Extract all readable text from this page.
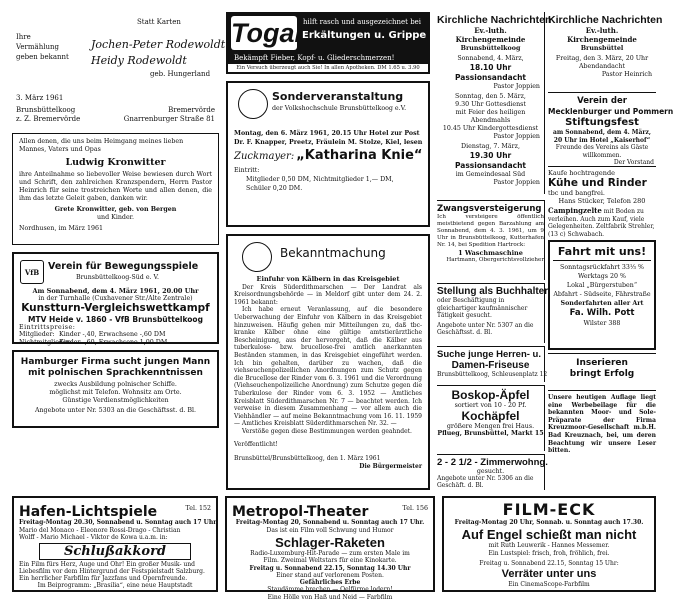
Ihre
Vermählung
geben bekannt
Statt Karten
Jochen-Peter Rodewoldt
Heidy Rodewoldt
geb. Hungerland
3. März 1961
Brunsbüttelkoog
z. Z. Bremervörde
Bremervörde
Gnarrenburger Straße 81

Allen denen, die uns beim Heimgang meines lieben Mannes, Vaters und Opas

Ludwig Kronwitter

ihre Anteilnahme so liebevoller Weise bewiesen durch Wort und Schrift, den zahlreichen Kranzspendern, Herrn Pastor Heinrich für seine trostreichen Worte und allen denen, die ihm das letzte Geleit gaben, danken wir.

Grete Kronwitter, geb. von Bergen
und Kinder.
Nordhusen, im März 1961
VfB Verein für Bewegungsspiele
Brunsbüttelkoog-Süd e. V.
Am Sonnabend, dem 4. März 1961, 20.00 Uhr
in der Turnhalle (Cuxhavener Str./Alte Zentrale)
Kunstturn-Vergleichswettkampf
MTV Heide v. 1860 - VfB Brunsbüttelkoog
Eintrittspreise:
Mitglieder: Kinder -,40, Erwachsene -,60 DM
Nichtmitglieder:Kinder -,60, Erwachsene 1,00 DM
Hamburger Firma sucht jungen Mann mit polnischen Sprachkenntnissen
zwecks Ausbildung polnischer Schiffe.
möglichst mit Telefon. Wohnsitz am Orte.
Günstige Verdienstmöglichkeiten
Angebote unter Nr. 5303 an die Geschäftsst. d. Bl.
Togal hilft rasch und ausgezeichnet bei
Erkältungen u. Grippe
Bekämpft Fieber, Kopf- u. Gliederschmerzen!
Ein Versuch überzeugt auch Sie! In allen Apotheken. DM 1.65 u. 3.90
Sonderveranstaltung
der Volkshochschule Brunsbüttelkoog e.V.
Montag, den 6. März 1961, 20.15 Uhr Hotel zur Post
Dr. F. Knapper, Preetz, Fräulein M. Stolze, Kiel, lesen
Zuckmayer: „Katharina Knie“
Eintritt:
Mitglieder 0,50 DM, Nichtmitglieder 1,— DM,
Schüler 0,20 DM.
Bekanntmachung
Einfuhr von Kälbern in das Kreisgebiet

Der Kreis Süderdithmarschen — Der Landrat als Kreisordnungsbehörde — in Meldorf gibt unter dem 24. 2. 1961 bekannt:

Ich habe erneut Veranlassung, auf die besondere Ueberwachung der Einfuhr von Kälbern in das Kreisgebiet hinzuweisen. Häufig gehen mir Mitteilungen zu, daß tbc-kranke Kälber ohne eine gültige amtstierärztliche Bescheinigung, aus der hervorgeht, daß die Kälber aus tuberkulose- bzw. brucellose-frei amtlich anerkannten Beständen stammen, in das Kreisgebiet eingeführt werden. Ich bin gehalten, darüber zu wachen, daß die viehseuchenpolizeilichen Anordnungen zum Schutz gegen die Brucellose der Rinder vom 6. 3. 1961 und die Verordnung (Viehseuchenpolizeiliche Anordnung) zum Schutze gegen die Tuberkulose der Rinder vom 6. 3. 1952 — Amtliches Kreisblatt Süderdithmarschen Nr. 7 — beachtet werden. Ich verweise in diesem Zusammenhang — vor allem auch die Viehhändler — auf meine Bekanntmachung vom 16. 11. 1959 — Amtliches Kreisblatt Süderdithmarschen Nr. 32. —

Verstöße gegen diese Bestimmungen werden geahndet.

Veröffentlicht!

Brunsbüttel/Brunsbüttelkoog, den 1. März 1961
Die Bürgermeister
Kirchliche Nachrichten
Ev.-luth.
Kirchengemeinde
Brunsbüttelkoog
Sonnabend, 4. März,
18.10 Uhr Passionsandacht
Pastor Joppien
Sonntag, den 5. März,
9.30 Uhr Gottesdienst
mit Feier des heiligen Abendmahls
10.45 Uhr Kindergottesdienst
Pastor Joppien
Dienstag, 7. März,
19.30 Uhr Passionsandacht
im Gemeindesaal Süd
Pastor Joppien
Kirchliche Nachrichten
Ev.-luth.
Kirchengemeinde
Brunsbüttel
Freitag, den 3. März, 20 Uhr
Abendandacht
Pastor Heinrich
Verein der
Mecklenburger und Pommern
Stiftungsfest
am Sonnabend, dem 4. März, 20 Uhr im Hotel „Kaiserhof“
Freunde des Vereins als Gäste willkommen.
Der Vorstand
Kaufe hochtragende
Kühe und Rinder
tbc und bangfrei.
Hans Stücker, Telefon 280
Campingzelte mit Boden zu verleihen. Auch zum Kauf, viele Gelegenheiten. Zeltfabrik Strehler, (13 c) Schwabach.
Zwangsversteigerung

Ich versteigere öffentlich meistbietend gegen Barzahlung am Sonnabend, dem 4. 3. 1961, um 9 Uhr in Brunsbüttelkoog, Kutterhafen Nr. 14, bei Spedition Hartrock:

1 Waschmaschine
Hartmann, Obergerichtsvollzieher
Stellung als Buchhalter

oder Beschäftigung in gleichartiger kaufmännischer Tätigkeit gesucht.

Angebote unter Nr. 5307 an die Geschäftsst. d. Bl.

Suche junge Herren- u.
Damen-Friseuse
Brunsbüttelkoog, Schleusenplatz 12
Boskop-Äpfel
sortiert von 10 - 20 Pf.
Kochäpfel
größere Mengen frei Haus.
Pflueg, Brunsbüttel, Markt 15
2 - 2 1/2 - Zimmerwohng.
gesucht.

Angebote unter Nr. 5306 an die Geschäft. d. Bl.

Fahrt mit uns!
Sonntagsrückfahrt 33⅓ %
Werktags 20 %
Lokal „Bürgerstuben“
Abfahrt - Südseite, Fährstraße
Sonderfahrten aller Art
Fa. Wilh. Pott
Wilster 388
Inserieren
bringt Erfolg

Unsere heutigen Auflage liegt eine Werbebeilage für die bekannten Moor- und Sole-Präparate der Firma Kreuzmoor-Gesellschaft m.b.H. Bad Kreuznach, bei, um deren Beachtung wir unsere Leser bitten.

Hafen-Lichtspiele	Tel. 152
Freitag-Montag 20.30, Sonnabend u. Sonntag auch 17 Uhr
Mario del Monaco - Eleonore Rossi-Drago - Christian
Wolff - Mario Michael - Viktor de Kowa u.a.m. in:
Schlußakkord

Ein Film fürs Herz, Auge und Ohr! Ein großer Musik- und Liebesfilm vor dem Hintergrund der Festspielstadt Salzburg. Ein herrlicher Farbfilm für Jazzfans und Opernfreunde.

Im Beiprogramm: „Brasilia“, eine neue Hauptstadt
Metropol-Theater	Tel. 156
Freitag-Montag 20, Sonnabend u. Sonntag auch 17 Uhr.
Das ist ein Film voll Schwung und Humor
Schlager-Raketen
Radio-Luxemburg-Hit-Parade — zum ersten Male im
Film. Zweimal Weltstars für eine Kinokarte.
Freitag u. Sonnabend 22.15, Sonntag 14.30 Uhr
Einer stand auf verlorenem Posten.
Gefährliches Erbe
Staudämme brechen — Oelfürme lodern!
Eine Hölle von Haß und Neid — Farbfilm
FILM-ECK
Freitag-Montag 20 Uhr, Sonnab. u. Sonntag auch 17.30.
Auf Engel schießt man nicht
mit Ruth Leuwerik - Hannes Messemer.
Ein Lustspiel: frisch, froh, fröhlich, frei.
Freitag u. Sonnabend 22.15, Sonntag 15 Uhr:
Verräter unter uns
Ein CinemaScope-Farbfilm
